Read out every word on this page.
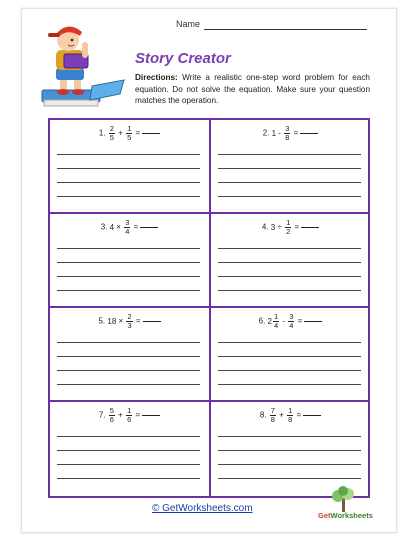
Name
Story Creator
Directions: Write a realistic one-step word problem for each equation. Do not solve the equation. Make sure your question matches the operation.
1. $\frac{2}{5} + \frac{1}{5}$ =	2. $1 - \frac{3}{8}$ =
3. $4 \times \frac{3}{4}$ =	4. $3 \div \frac{1}{2}$ =
5. $18 \times \frac{2}{3}$ =	6. $2 \frac{1}{4} - \frac{3}{4}$ =
7. $\frac{5}{6} + \frac{1}{6}$ =	8. $\frac{7}{8} + \frac{1}{8}$ =
© GetWorksheets.com
GetWorksheets
